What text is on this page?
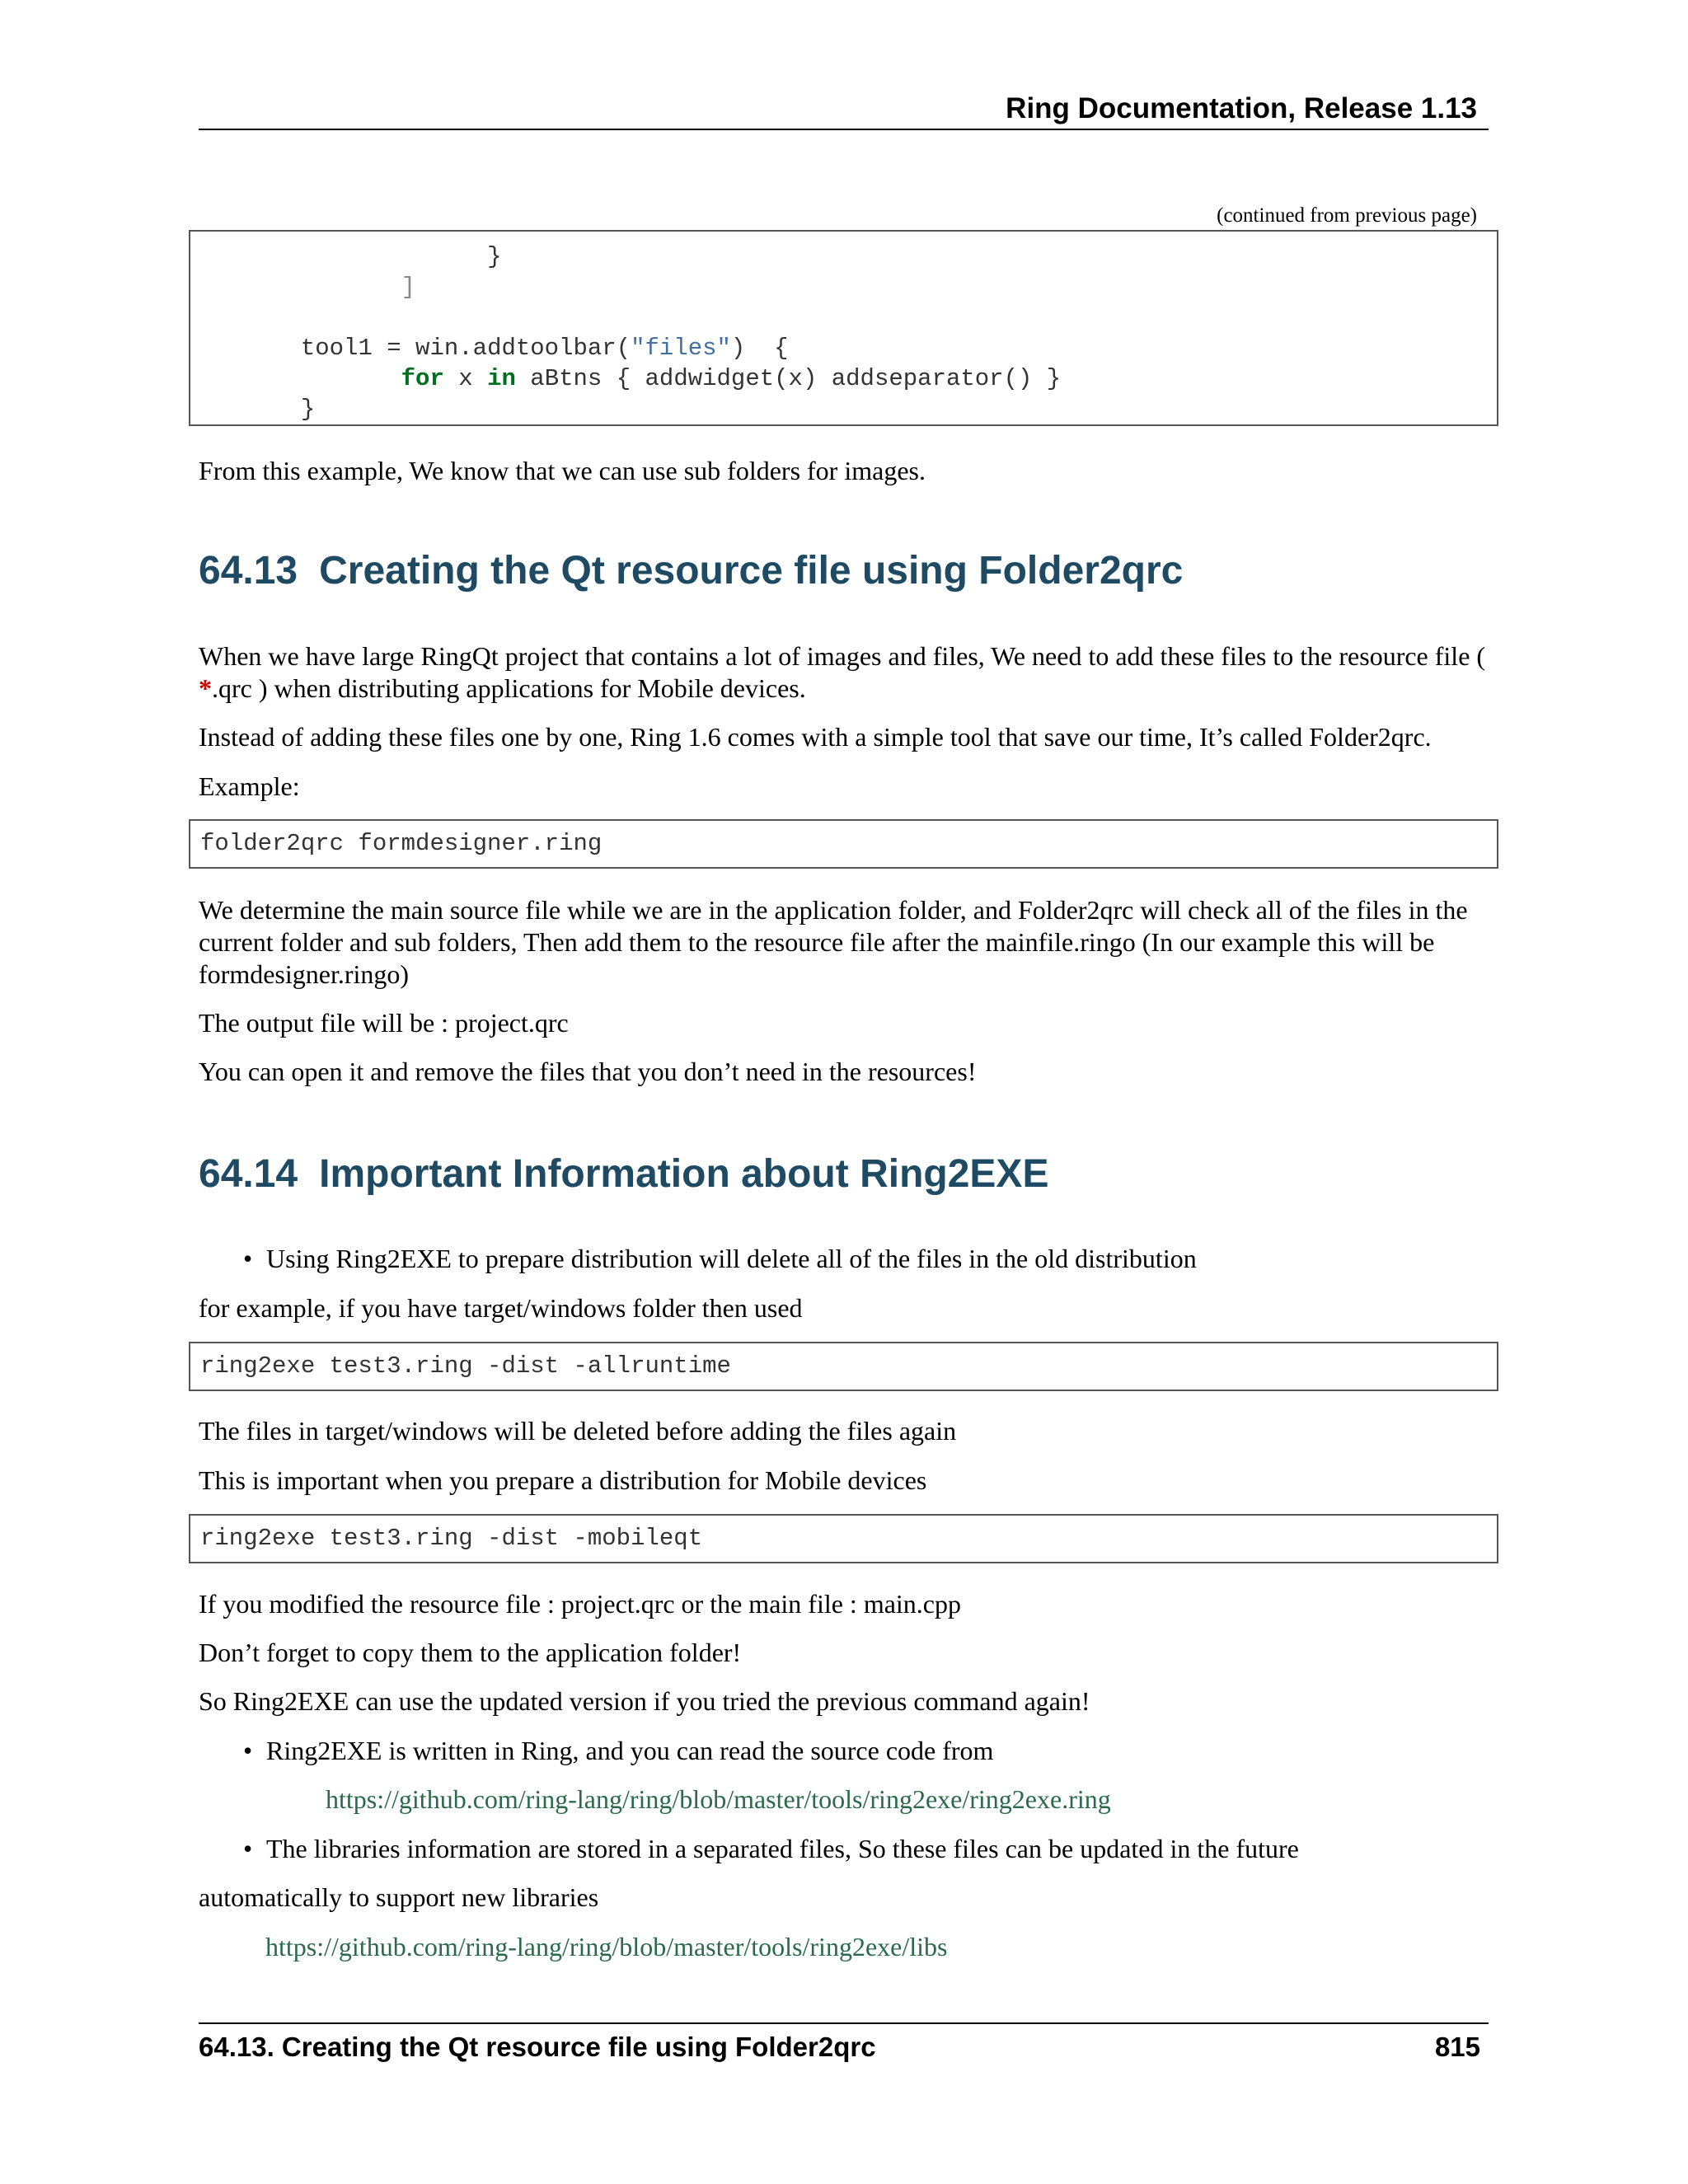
Ring Documentation, Release 1.13
(continued from previous page)
}
]

tool1 = win.addtoolbar("files")  {
for x in aBtns { addwidget(x) addseparator() }
}

From this example, We know that we can use sub folders for images.

64.13 Creating the Qt resource file using Folder2qrc

When we have large RingQt project that contains a lot of images and files, We need to add these files to the resource file ( *.qrc ) when distributing applications for Mobile devices.

Instead of adding these files one by one, Ring 1.6 comes with a simple tool that save our time, It’s called Folder2qrc.

Example:

folder2qrc formdesigner.ring

We determine the main source file while we are in the application folder, and Folder2qrc will check all of the files in the current folder and sub folders, Then add them to the resource file after the mainfile.ringo (In our example this will be formdesigner.ringo)

The output file will be : project.qrc

You can open it and remove the files that you don’t need in the resources!

64.14 Important Information about Ring2EXE
• Using Ring2EXE to prepare distribution will delete all of the files in the old distribution

for example, if you have target/windows folder then used

ring2exe test3.ring -dist -allruntime

The files in target/windows will be deleted before adding the files again

This is important when you prepare a distribution for Mobile devices

ring2exe test3.ring -dist -mobileqt

If you modified the resource file : project.qrc or the main file : main.cpp

Don’t forget to copy them to the application folder!

So Ring2EXE can use the updated version if you tried the previous command again!

• Ring2EXE is written in Ring, and you can read the source code from
https://github.com/ring-lang/ring/blob/master/tools/ring2exe/ring2exe.ring
• The libraries information are stored in a separated files, So these files can be updated in the future

automatically to support new libraries

https://github.com/ring-lang/ring/blob/master/tools/ring2exe/libs
64.13. Creating the Qt resource file using Folder2qrc	815
